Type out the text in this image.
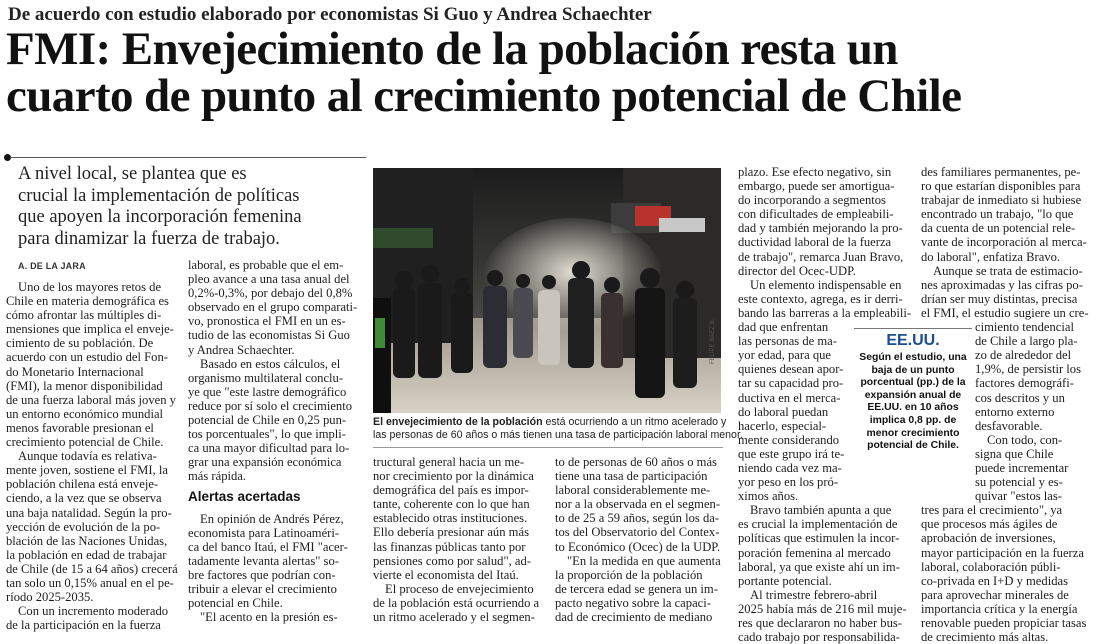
De acuerdo con estudio elaborado por economistas Si Guo y Andrea Schaechter
FMI: Envejecimiento de la población resta un
cuarto de punto al crecimiento potencial de Chile
A nivel local, se plantea que es
crucial la implementación de políticas
que apoyen la incorporación femenina
para dinamizar la fuerza de trabajo.
A. DE LA JARA
Uno de los mayores retos de
Chile en materia demográfica es
cómo afrontar las múltiples di-
mensiones que implica el enveje-
cimiento de su población. De
acuerdo con un estudio del Fon-
do Monetario Internacional
(FMI), la menor disponibilidad
de una fuerza laboral más joven y
un entorno económico mundial
menos favorable presionan el
crecimiento potencial de Chile.
Aunque todavía es relativa-
mente joven, sostiene el FMI, la
población chilena está enveje-
ciendo, a la vez que se observa
una baja natalidad. Según la pro-
yección de evolución de la po-
blación de las Naciones Unidas,
la población en edad de trabajar
de Chile (de 15 a 64 años) crecerá
tan solo un 0,15% anual en el pe-
ríodo 2025-2035.
Con un incremento moderado
de la participación en la fuerza
laboral, es probable que el em-
pleo avance a una tasa anual del
0,2%-0,3%, por debajo del 0,8%
observado en el grupo comparati-
vo, pronostica el FMI en un es-
tudio de las economistas Si Guo
y Andrea Schaechter.
Basado en estos cálculos, el
organismo multilateral conclu-
ye que "este lastre demográfico
reduce por sí solo el crecimiento
potencial de Chile en 0,25 pun-
tos porcentuales", lo que impli-
ca una mayor dificultad para lo-
grar una expansión económica
más rápida.
Alertas acertadas
En opinión de Andrés Pérez,
economista para Latinoaméri-
ca del banco Itaú, el FMI "acer-
tadamente levanta alertas" so-
bre factores que podrían con-
tribuir a elevar el crecimiento
potencial en Chile.
"El acento en la presión es-
FELIPE BAEZ B.
El envejecimiento de la población está ocurriendo a un ritmo acelerado y
las personas de 60 años o más tienen una tasa de participación laboral menor.
tructural general hacia un me-
nor crecimiento por la dinámica
demográfica del país es impor-
tante, coherente con lo que han
establecido otras instituciones.
Ello debería presionar aún más
las finanzas públicas tanto por
pensiones como por salud", ad-
vierte el economista del Itaú.
El proceso de envejecimiento
de la población está ocurriendo a
un ritmo acelerado y el segmen-
to de personas de 60 años o más
tiene una tasa de participación
laboral considerablemente me-
nor a la observada en el segmen-
to de 25 a 59 años, según los da-
tos del Observatorio del Contex-
to Económico (Ocec) de la UDP.
"En la medida en que aumenta
la proporción de la población
de tercera edad se genera un im-
pacto negativo sobre la capaci-
dad de crecimiento de mediano
plazo. Ese efecto negativo, sin
embargo, puede ser amortigua-
do incorporando a segmentos
con dificultades de empleabili-
dad y también mejorando la pro-
ductividad laboral de la fuerza
de trabajo", remarca Juan Bravo,
director del Ocec-UDP.
Un elemento indispensable en
este contexto, agrega, es ir derri-
bando las barreras a la empleabili-
dad que enfrentan
las personas de ma-
yor edad, para que
quienes desean apor-
tar su capacidad pro-
ductiva en el merca-
do laboral puedan
hacerlo, especial-
mente considerando
que este grupo irá te-
niendo cada vez ma-
yor peso en los pró-
ximos años.
Bravo también apunta a que
es crucial la implementación de
políticas que estimulen la incor-
poración femenina al mercado
laboral, ya que existe ahí un im-
portante potencial.
Al trimestre febrero-abril
2025 había más de 216 mil muje-
res que declararon no haber bus-
cado trabajo por responsabilida-
des familiares permanentes, pe-
ro que estarían disponibles para
trabajar de inmediato si hubiese
encontrado un trabajo, "lo que
da cuenta de un potencial rele-
vante de incorporación al merca-
do laboral", enfatiza Bravo.
Aunque se trata de estimacio-
nes aproximadas y las cifras po-
drían ser muy distintas, precisa
el FMI, el estudio sugiere un cre-
cimiento tendencial
de Chile a largo pla-
zo de alrededor del
1,9%, de persistir los
factores demográfi-
cos descritos y un
entorno externo
desfavorable.
Con todo, con-
signa que Chile
puede incrementar
su potencial y es-
quivar "estos las-
tres para el crecimiento", ya
que procesos más ágiles de
aprobación de inversiones,
mayor participación en la fuerza
laboral, colaboración públi-
co-privada en I+D y medidas
para aprovechar minerales de
importancia crítica y la energía
renovable pueden propiciar tasas
de crecimiento más altas.
EE.UU.
Según el estudio, una
baja de un punto
porcentual (pp.) de la
expansión anual de
EE.UU. en 10 años
implica 0,8 pp. de
menor crecimiento
potencial de Chile.
